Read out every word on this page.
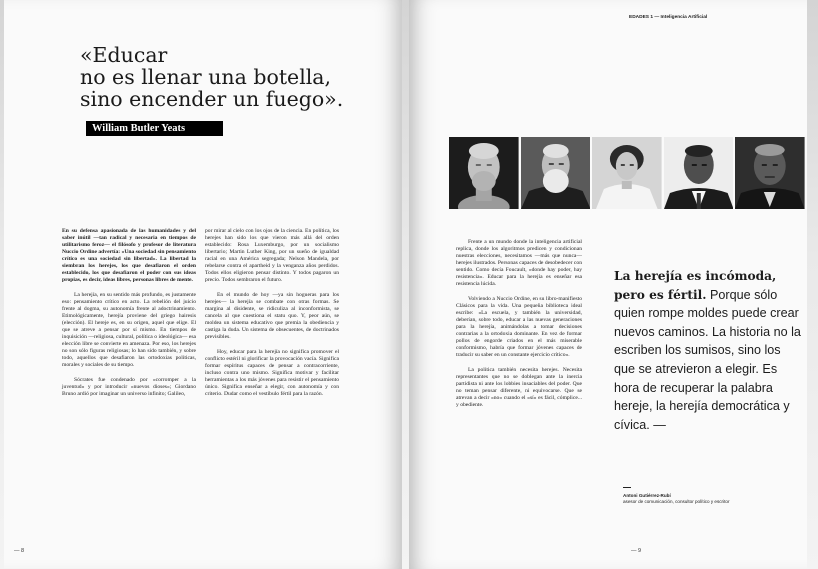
«Educar
no es llenar una botella,
sino encender un fuego».
William Butler Yeats

En su defensa apasionada de las humanidades y del saber inútil —tan radical y necesaria en tiempos de utilitarismo feroz— el filósofo y profesor de literatura Nuccio Ordine advertía: «Una sociedad sin pensamiento crítico es una sociedad sin libertad». La libertad la siembran los herejes, los que desafiaron el orden establecido, los que desafiaron el poder con sus ideas propias, es decir, ideas libres, personas libres de mente.

La herejía, en su sentido más profundo, es justamente eso: pensamiento crítico en acto. La rebelión del juicio frente al dogma, su autonomía frente al adoctrinamiento. Etimológicamente, herejía proviene del griego hairesis (elección). El hereje es, en su origen, aquel que elige. El que se atreve a pensar por sí mismo. En tiempos de inquisición —religiosa, cultural, política o ideológica— esa elección libre se convierte en amenaza. Por eso, los herejes no son sólo figuras religiosas; lo han sido también, y sobre todo, aquellos que desafiaron las ortodoxias políticas, morales y sociales de su tiempo.

Sócrates fue condenado por «corromper a la juventud» y por introducir «nuevos dioses»; Giordano Bruno ardió por imaginar un universo infinito; Galileo,

por mirar al cielo con los ojos de la ciencia. En política, los herejes han sido los que vieron más allá del orden establecido: Rosa Luxemburgo, por un socialismo libertario; Martin Luther King, por un sueño de igualdad racial en una América segregada; Nelson Mandela, por rebelarse contra el apartheid y la venganza años perdidos. Todos ellos eligieron pensar distinto. Y todos pagaron un precio. Todos sembraron el futuro.

En el mundo de hoy —ya sin hogueras para los herejes— la herejía se combate con otras formas. Se margina al disidente, se ridiculiza al inconformista, se cancela al que cuestiona el statu quo. Y, peor aún, se moldea un sistema educativo que premia la obediencia y castiga la duda. Un sistema de obsecuentes, de doctrinados previsibles.

Hoy, educar para la herejía no significa promover el conflicto estéril ni glorificar la provocación vacía. Significa formar espíritus capaces de pensar a contracorriente, incluso contra uno mismo. Significa motivar y facilitar herramientas a los más jóvenes para resistir el pensamiento único. Significa enseñar a elegir, con autonomía y con criterio. Dudar como el vestíbulo fértil para la razón.

— 8
EDADES 1 — Inteligencia Artificial

Frente a un mundo donde la inteligencia artificial replica, donde los algoritmos predicen y condicionan nuestras elecciones, necesitamos —más que nunca— herejes ilustrados. Personas capaces de desobedecer con sentido. Como decía Foucault, «donde hay poder, hay resistencia». Educar para la herejía es enseñar esa resistencia lúcida.

Volviendo a Nuccio Ordine, en su libro-manifiesto Clásicos para la vida. Una pequeña biblioteca ideal escribe: «La escuela, y también la universidad, deberían, sobre todo, educar a las nuevas generaciones para la herejía, animándolas a tomar decisiones contrarias a la ortodoxia dominante. En vez de formar pollos de engorde criados en el más miserable conformismo, habría que formar jóvenes capaces de traducir su saber en un constante ejercicio crítico».

La política también necesita herejes. Necesita representantes que no se doblegan ante la inercia partidista ni ante los lobbies insaciables del poder. Que no teman pensar diferente, ni equivocarse. Que se atrevan a decir «no» cuando el «sí» es fácil, cómplice... y obediente.

La herejía es incómoda, pero es fértil. Porque sólo quien rompe moldes puede crear nuevos caminos. La historia no la escriben los sumisos, sino los que se atrevieron a elegir. Es hora de recuperar la palabra hereje, la herejía democrática y cívica. —
Antoni Gutiérrez-Rubí
asesor de comunicación, consultor político y escritor
— 9
